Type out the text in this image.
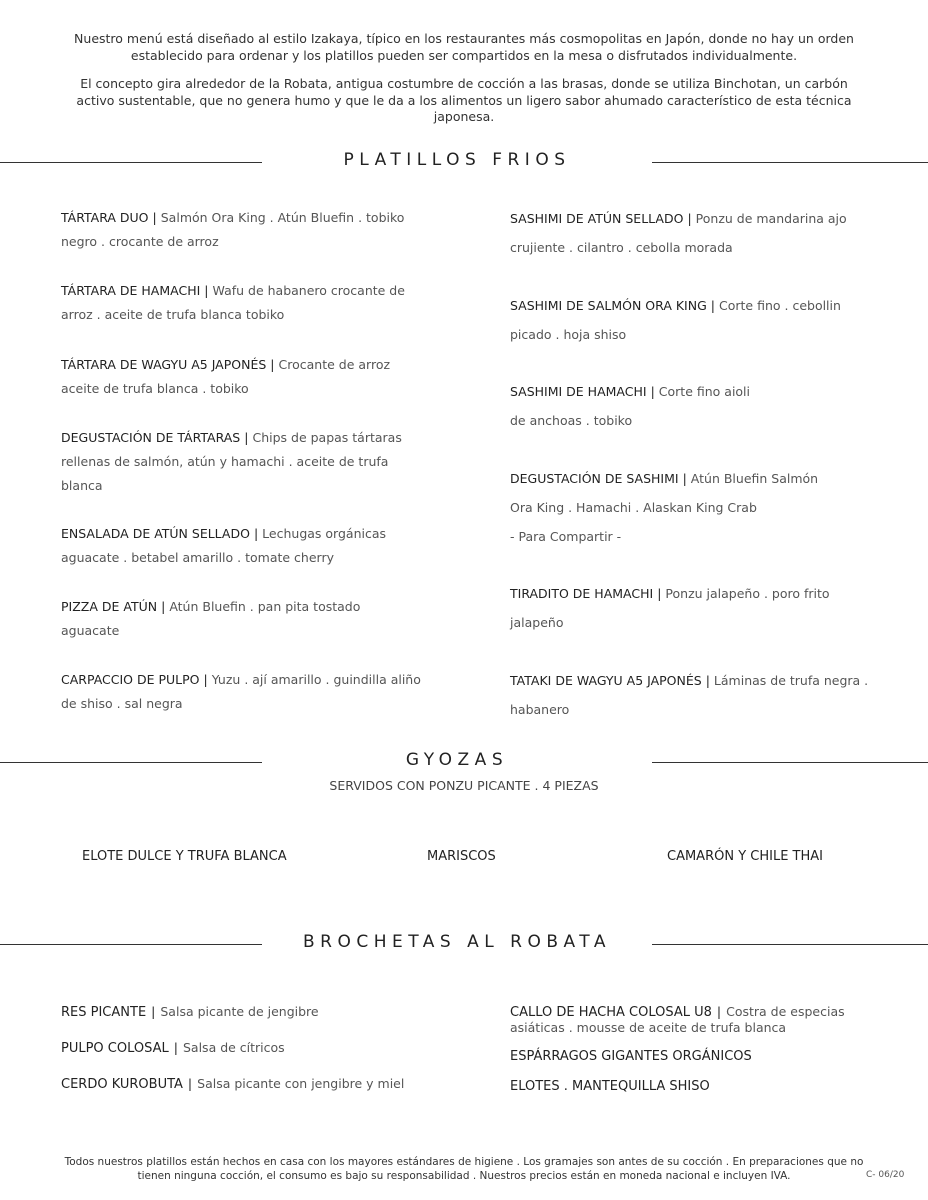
Nuestro menú está diseñado al estilo Izakaya, típico en los restaurantes más cosmopolitas en Japón, donde no hay un orden establecido para ordenar y los platillos pueden ser compartidos en la mesa o disfrutados individualmente.

El concepto gira alrededor de la Robata, antigua costumbre de cocción a las brasas, donde se utiliza Binchotan, un carbón activo sustentable, que no genera humo y que le da a los alimentos un ligero sabor ahumado característico de esta técnica japonesa.

PLATILLOS FRIOS
TÁRTARA DUO | Salmón Ora King . Atún Bluefin . tobiko negro . crocante de arroz
TÁRTARA DE HAMACHI | Wafu de habanero crocante de arroz . aceite de trufa blanca tobiko
TÁRTARA DE WAGYU A5 JAPONÉS | Crocante de arroz aceite de trufa blanca . tobiko
DEGUSTACIÓN DE TÁRTARAS | Chips de papas tártaras rellenas de salmón, atún y hamachi . aceite de trufa blanca
ENSALADA DE ATÚN SELLADO | Lechugas orgánicas aguacate . betabel amarillo . tomate cherry
PIZZA DE ATÚN | Atún Bluefin . pan pita tostado aguacate
CARPACCIO DE PULPO | Yuzu . ají amarillo . guindilla aliño de shiso . sal negra
SASHIMI DE ATÚN SELLADO | Ponzu de mandarina ajo crujiente . cilantro . cebolla morada
SASHIMI DE SALMÓN ORA KING | Corte fino . cebollin picado . hoja shiso
SASHIMI DE HAMACHI | Corte fino aioli de anchoas . tobiko
DEGUSTACIÓN DE SASHIMI | Atún Bluefin Salmón Ora King . Hamachi . Alaskan King Crab
- Para Compartir -
TIRADITO DE HAMACHI | Ponzu jalapeño . poro frito jalapeño
TATAKI DE WAGYU A5 JAPONÉS | Láminas de trufa negra . habanero
GYOZAS
SERVIDOS CON PONZU PICANTE . 4 PIEZAS
ELOTE DULCE Y TRUFA BLANCA	MARISCOS	CAMARÓN Y CHILE THAI
BROCHETAS AL ROBATA
RES PICANTE | Salsa picante de jengibre
PULPO COLOSAL | Salsa de cítricos
CERDO KUROBUTA | Salsa picante con jengibre y miel
CALLO DE HACHA COLOSAL U8 | Costra de especias asiáticas . mousse de aceite de trufa blanca
ESPÁRRAGOS GIGANTES ORGÁNICOS
ELOTES . MANTEQUILLA SHISO
Todos nuestros platillos están hechos en casa con los mayores estándares de higiene . Los gramajes son antes de su cocción . En preparaciones que no tienen ninguna cocción, el consumo es bajo su responsabilidad . Nuestros precios están en moneda nacional e incluyen IVA.	C- 06/20
